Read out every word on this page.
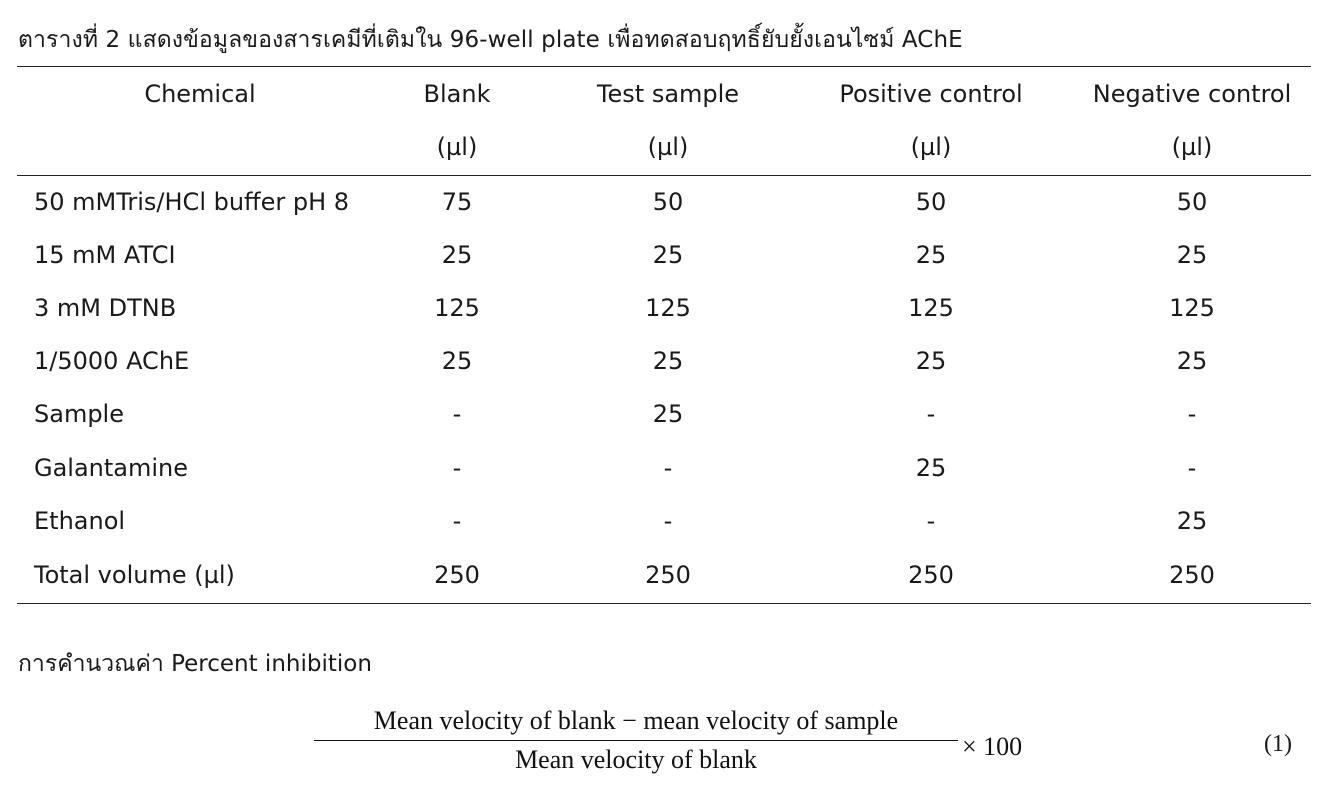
ตารางที่ 2 แสดงข้อมูลของสารเคมีที่เติมใน 96-well plate เพื่อทดสอบฤทธิ์ยับยั้งเอนไซม์ AChE
Chemical	Blank	Test sample	Positive control	Negative control
(µl)	(µl)	(µl)	(µl)
50 mMTris/HCl buffer pH 8	75	50	50	50
15 mM ATCI	25	25	25	25
3 mM DTNB	125	125	125	125
1/5000 AChE	25	25	25	25
Sample	-	25	-	-
Galantamine	-	-	25	-
Ethanol	-	-	-	25
Total volume (µl)	250	250	250	250
การคำนวณค่า Percent inhibition
$\frac{\text{Mean velocity of blank − mean velocity of sample}}{\text{Mean velocity of blank}} \times 100$	(1)
